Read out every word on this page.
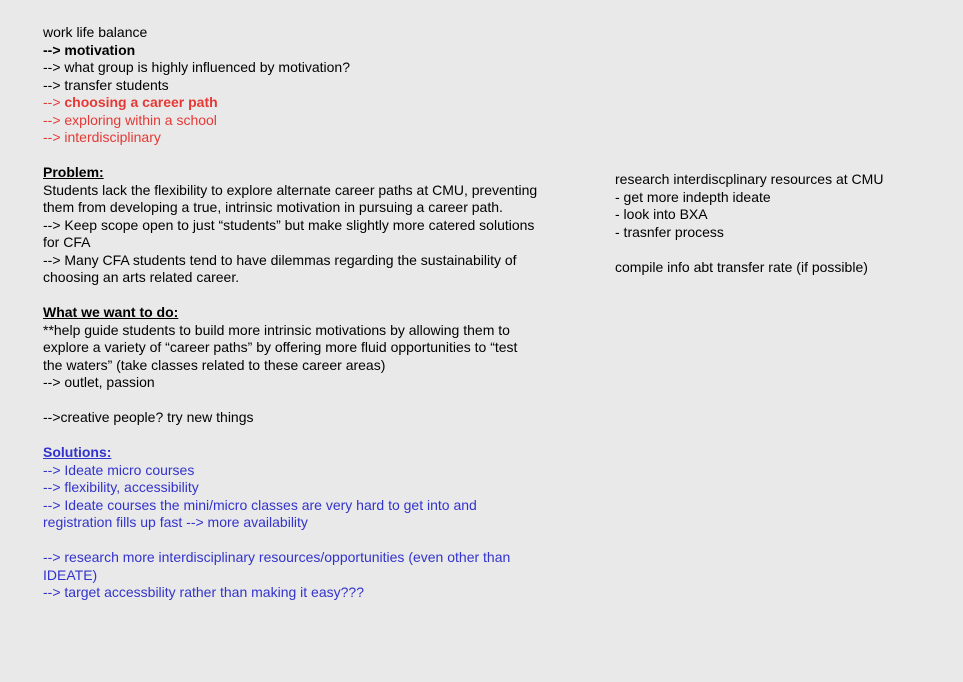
work life balance

--> motivation

--> what group is highly influenced by motivation?

--> transfer students

--> choosing a career path

--> exploring within a school

--> interdisciplinary

Problem:

Students lack the flexibility to explore alternate career paths at CMU, preventing

them from developing a true, intrinsic motivation in pursuing a career path.

--> Keep scope open to just “students” but make slightly more catered solutions

for CFA

--> Many CFA students tend to have dilemmas regarding the sustainability of

choosing an arts related career.

What we want to do:

**help guide students to build more intrinsic motivations by allowing them to

explore a variety of “career paths” by offering more fluid opportunities to “test

the waters” (take classes related to these career areas)

--> outlet, passion

-->creative people? try new things

Solutions:

--> Ideate micro courses

--> flexibility, accessibility

--> Ideate courses the mini/micro classes are very hard to get into and

registration fills up fast --> more availability

--> research more interdisciplinary resources/opportunities (even other than

IDEATE)

--> target accessbility rather than making it easy???

research interdiscplinary resources at CMU

- get more indepth ideate

- look into BXA

- trasnfer process

compile info abt transfer rate (if possible)
